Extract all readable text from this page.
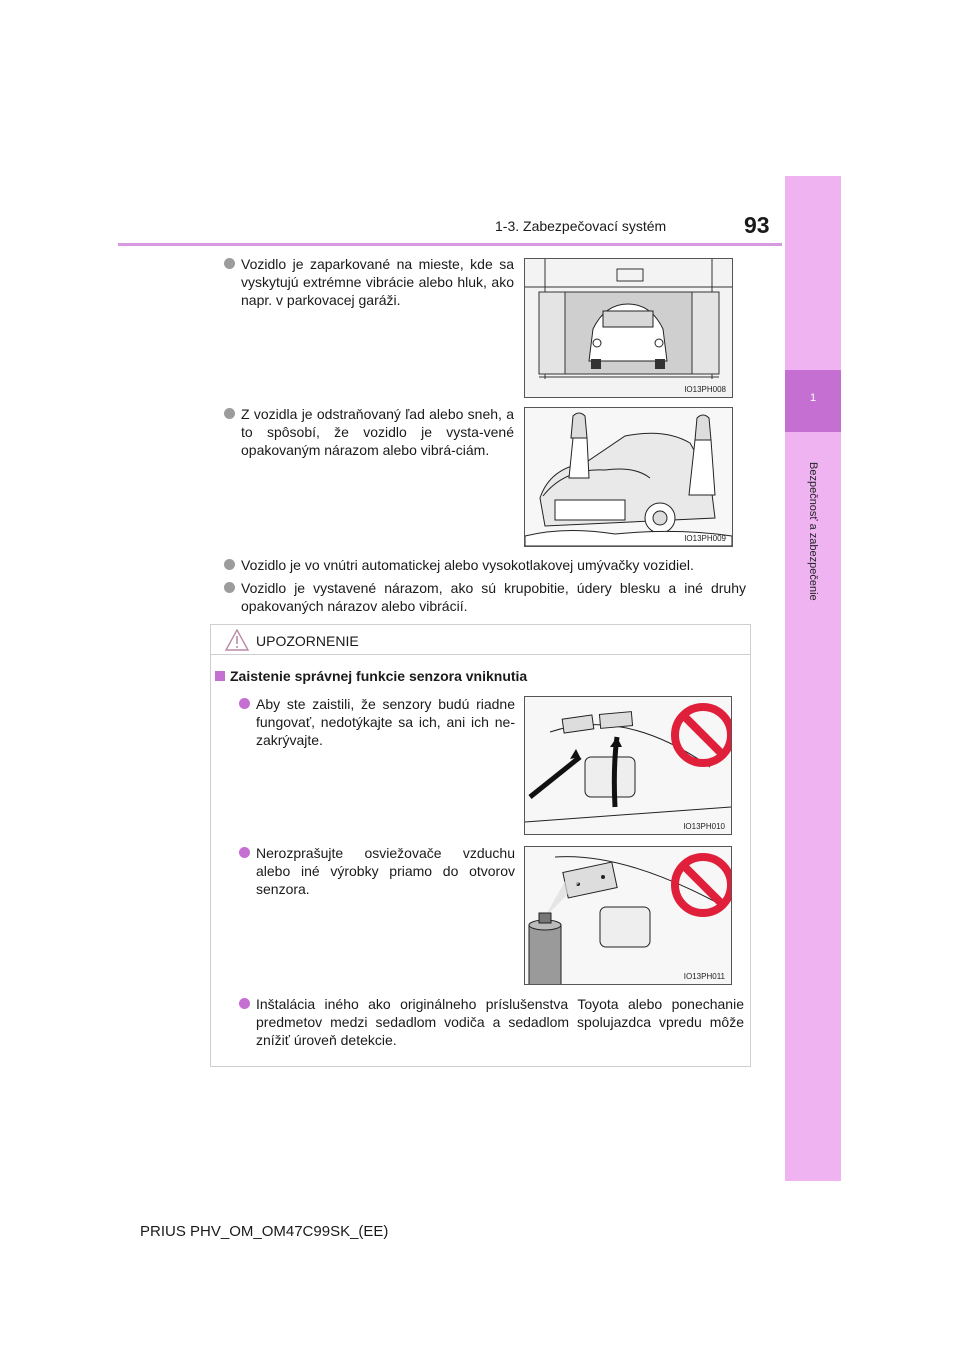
1-3. Zabezpečovací systém	93
1
Bezpečnosť a zabezpečenie
Vozidlo je zaparkované na mieste, kde sa vyskytujú extrémne vibrácie alebo hluk, ako napr. v parkovacej garáži.
IO13PH008
Z vozidla je odstraňovaný ľad alebo sneh, a to spôsobí, že vozidlo je vysta-vené opakovaným nárazom alebo vibrá-ciám.
IO13PH009
Vozidlo je vo vnútri automatickej alebo vysokotlakovej umývačky vozidiel.
Vozidlo je vystavené nárazom, ako sú krupobitie, údery blesku a iné druhy opakovaných nárazov alebo vibrácií.
UPOZORNENIE
Zaistenie správnej funkcie senzora vniknutia
Aby ste zaistili, že senzory budú riadne fungovať, nedotýkajte sa ich, ani ich ne-zakrývajte.
IO13PH010
Nerozprašujte osviežovače vzduchu alebo iné výrobky priamo do otvorov senzora.
IO13PH011
Inštalácia iného ako originálneho príslušenstva Toyota alebo ponechanie predmetov medzi sedadlom vodiča a sedadlom spolujazdca vpredu môže znížiť úroveň detekcie.
PRIUS PHV_OM_OM47C99SK_(EE)
